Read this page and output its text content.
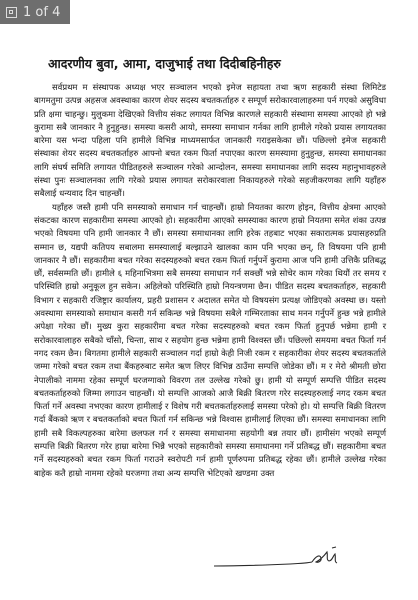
1 of 4
आदरणीय बुवा, आमा, दाजुभाई तथा दिदीबहिनीहरु

सर्वप्रथम म संस्थापक अध्यक्ष भएर सञ्चालन भएको इमेज सहायता तथा ऋण सहकारी संस्था लिमिटेड बागमतुमा उत्पन्न अहसज अवस्थाका कारण शेयर सदस्य बचतकर्ताहरु र सम्पूर्ण सरोकारवालाहरुमा पर्न गएको असुविधा प्रति क्षमा चाहन्छु। मुलुकमा देखिएको वित्तीय संकट लगायत विभिन्न कारणले सहकारी संस्थामा समस्या आएको हो भन्ने कुरामा सबै जानकार नै हुनुहुन्छ। समस्या कसरी आयो, समस्या समाधान गर्नका लागि हामीले गरेको प्रयास लगायतका बारेमा यस भन्दा पहिला पनि हामीले विभिन्न माध्यमसार्फत जानकारी गराइसकेका छौं। पछिल्लो इमेज सहकारी संस्थाका शेयर सदस्य बचतकर्ताहरु आफ्नो बचत रकम फिर्ता नपाएका कारण समस्यामा हुनुहुन्छ, समस्या समाधानका लागि संघर्ष समिति लगायत पीडितहरुले सञ्चालन गरेको आन्दोलन, समस्या समाधानका लागि सदस्य महानुभावहरुले संस्था पुनः सञ्चालनका लागि गरेको प्रयास लगायत सरोकारवाला निकायहरुले गरेको सहजीकरणका लागि यहाँहरु सबैलाई धन्यवाद दिन चाहन्छौं।

यहाँहरु जस्तै हामी पनि समस्याको समाधान गर्न चाहन्छौं। हाम्रो नियतका कारण होइन, वित्तीय क्षेत्रमा आएको संकटका कारण सहकारीमा समस्या आएको हो। सहकारीमा आएको समस्याका कारण हाम्रो नियतमा समेत शंका उत्पन्न भएको विषयमा पनि हामी जानकार नै छौं। समस्या समाधानका लागि हरेक तहबाट भएका सकारात्मक प्रयासहरुप्रति सम्मान छ, यद्यपी कतिपय सबालमा समस्यालाई बल्झाउने खालका काम पनि भएका छन्, ति विषयमा पनि हामी जानकार नै छौं। सहकारीमा बचत गरेका सदस्यहरुको बचत रकम फिर्ता गर्नुपर्ने कुरामा आज पनि हामी उत्तिकै प्रतिबद्ध छौं, सर्वसम्मति छौं। हामीले ६ महिनाभित्रमा सबै समस्या समाधान गर्न सक्छौं भन्ने सोचेर काम गरेका थियौं तर समय र परिस्थिति हाम्रो अनुकूल हुन सकेन। अहिलेको परिस्थिति हाम्रो नियन्त्रणमा छैन। पीडित सदस्य बचतकर्ताहरु, सहकारी विभाग र सहकारी रजिष्ट्रार कार्यालय, प्रहरी प्रशासन र अदालत समेत यो विषयसंग प्रत्यक्ष जोडिएको अवस्था छ। यस्तो अवस्थामा समस्याको समाधान कसरी गर्न सकिन्छ भन्ने विषयमा सबैले गम्भिरताका साथ मनन गर्नुपर्ने हुन्छ भन्ने हामीले अपेक्षा गरेका छौं। मुख्य कुरा सहकारीमा बचत गरेका सदस्यहरुको बचत रकम फिर्ता हुनुपर्छ भन्नेमा हामी र सरोकारवालाहरु सबैको चाँसो, चिन्ता, साथ र सहयोग हुन्छ भन्नेमा हामी विश्वस्त छौं। पछिल्लो समयमा बचत फिर्ता गर्न नगद रकम छैन। बिगतमा हामीले सहकारी सञ्चालन गर्दा हाम्रो केही निजी रकम र सहकारीका शेयर सदस्य बचतकर्ताले जम्मा गरेको बचत रकम तथा बैंकहरुबाट समेत ऋण लिएर विभिन्न ठाउँमा सम्पत्ति जोडेका छौं। म र मेरो श्रीमती छोरा नेपालीको नाममा रहेका सम्पूर्ण घरजग्गाको विवरण तल उल्लेख गरेको छु। हामी यो सम्पूर्ण सम्पत्ति पीडित सदस्य बचतकर्ताहरुको जिम्मा लगाउन चाहन्छौं। यो सम्पत्ति आजको आजै बिक्री बितरण गरेर सदस्यहरुलाई नगद रकम बचत फिर्ता गर्ने अवस्था नभएका कारण हामीलाई र विशेष गरी बचतकर्ताहरुलाई समस्या परेको हो। यो सम्पत्ति बिक्री वितरण गर्दा बैंकको ऋण र बचतकर्ताको बचत फिर्ता गर्न सकिन्छ भन्ने विश्वास हामीलाई लिएका छौं। समस्या समाधानका लागि हामी सबै विकल्पहरुका बारेमा छलफल गर्न र समस्या समाधानमा सहयोगी बन्न तयार छौं। हामीसंग भएको सम्पूर्ण सम्पत्ति बिक्री बितरण गरेर हाम्रा बारेमा भिन्नै भएको सहकारीको समस्या समाधानमा गर्ने प्रतिबद्ध छौं। सहकारीमा बचत गर्ने सदस्यहरुको बचत रकम फिर्ता गराउने स्वरोपटी गर्न हामी पूर्णरुपमा प्रतिबद्ध रहेका छौं। हामीले उल्लेख गरेका बाहेक कतै हाम्रो नाममा रहेको घरजग्गा तथा अन्य सम्पत्ति भेटिएको खण्डमा उक्त
